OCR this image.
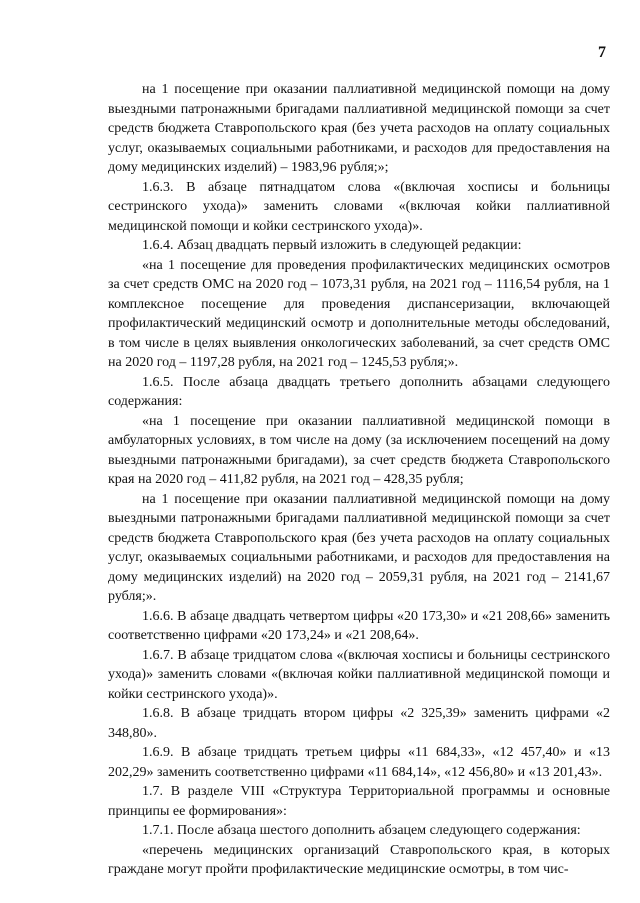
7

на 1 посещение при оказании паллиативной медицинской помощи на дому выездными патронажными бригадами паллиативной медицинской помощи за счет средств бюджета Ставропольского края (без учета расходов на оплату социальных услуг, оказываемых социальными работниками, и расходов для предоставления на дому медицинских изделий) – 1983,96 рубля;»;

1.6.3. В абзаце пятнадцатом слова «(включая хосписы и больницы сестринского ухода)» заменить словами «(включая койки паллиативной медицинской помощи и койки сестринского ухода)».

1.6.4. Абзац двадцать первый изложить в следующей редакции:

«на 1 посещение для проведения профилактических медицинских осмотров за счет средств ОМС на 2020 год – 1073,31 рубля, на 2021 год – 1116,54 рубля, на 1 комплексное посещение для проведения диспансеризации, включающей профилактический медицинский осмотр и дополнительные методы обследований, в том числе в целях выявления онкологических заболеваний, за счет средств ОМС на 2020 год – 1197,28 рубля, на 2021 год – 1245,53 рубля;».

1.6.5. После абзаца двадцать третьего дополнить абзацами следующего содержания:

«на 1 посещение при оказании паллиативной медицинской помощи в амбулаторных условиях, в том числе на дому (за исключением посещений на дому выездными патронажными бригадами), за счет средств бюджета Ставропольского края на 2020 год – 411,82 рубля, на 2021 год – 428,35 рубля;

на 1 посещение при оказании паллиативной медицинской помощи на дому выездными патронажными бригадами паллиативной медицинской помощи за счет средств бюджета Ставропольского края (без учета расходов на оплату социальных услуг, оказываемых социальными работниками, и расходов для предоставления на дому медицинских изделий) на 2020 год – 2059,31 рубля, на 2021 год – 2141,67 рубля;».

1.6.6. В абзаце двадцать четвертом цифры «20 173,30» и «21 208,66» заменить соответственно цифрами «20 173,24» и «21 208,64».

1.6.7. В абзаце тридцатом слова «(включая хосписы и больницы сестринского ухода)» заменить словами «(включая койки паллиативной медицинской помощи и койки сестринского ухода)».

1.6.8. В абзаце тридцать втором цифры «2 325,39» заменить цифрами «2 348,80».

1.6.9. В абзаце тридцать третьем цифры «11 684,33», «12 457,40» и «13 202,29» заменить соответственно цифрами «11 684,14», «12 456,80» и «13 201,43».

1.7. В разделе VIII «Структура Территориальной программы и основные принципы ее формирования»:

1.7.1. После абзаца шестого дополнить абзацем следующего содержания:

«перечень медицинских организаций Ставропольского края, в которых граждане могут пройти профилактические медицинские осмотры, в том чис-
